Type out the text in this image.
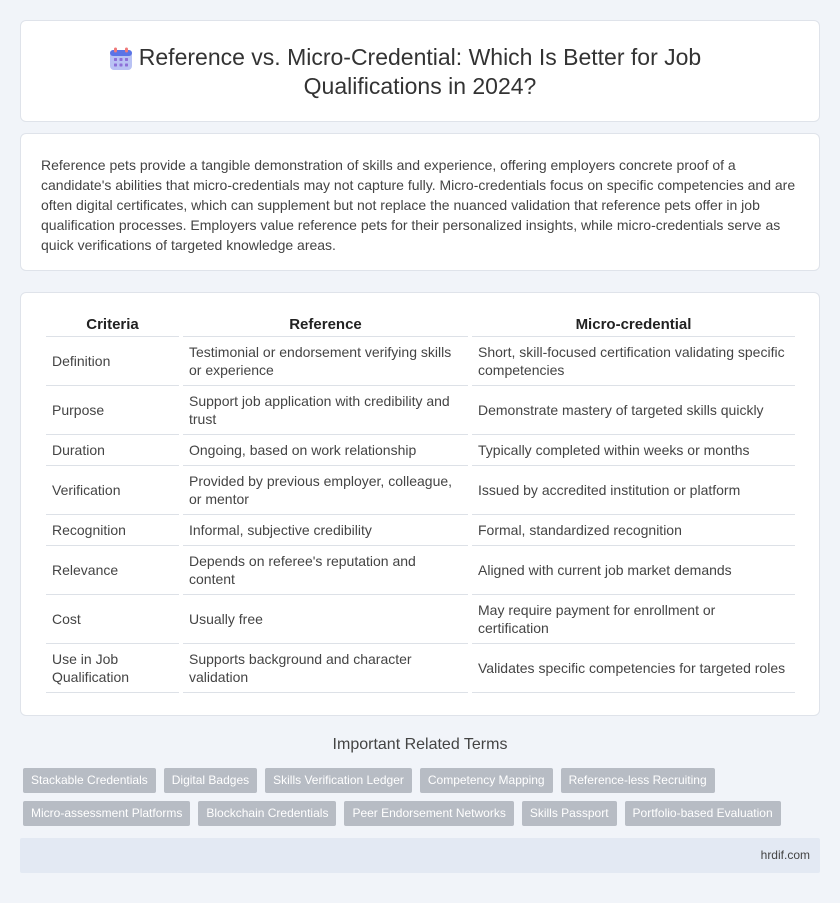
Reference vs. Micro-Credential: Which Is Better for Job Qualifications in 2024?

Reference pets provide a tangible demonstration of skills and experience, offering employers concrete proof of a candidate's abilities that micro-credentials may not capture fully. Micro-credentials focus on specific competencies and are often digital certificates, which can supplement but not replace the nuanced validation that reference pets offer in job qualification processes. Employers value reference pets for their personalized insights, while micro-credentials serve as quick verifications of targeted knowledge areas.

Criteria	Reference	Micro-credential
Definition	Testimonial or endorsement verifying skills or experience	Short, skill-focused certification validating specific competencies
Purpose	Support job application with credibility and trust	Demonstrate mastery of targeted skills quickly
Duration	Ongoing, based on work relationship	Typically completed within weeks or months
Verification	Provided by previous employer, colleague, or mentor	Issued by accredited institution or platform
Recognition	Informal, subjective credibility	Formal, standardized recognition
Relevance	Depends on referee's reputation and content	Aligned with current job market demands
Cost	Usually free	May require payment for enrollment or certification
Use in Job Qualification	Supports background and character validation	Validates specific competencies for targeted roles
Important Related Terms
Stackable Credentials	Digital Badges	Skills Verification Ledger	Competency Mapping	Reference-less Recruiting
Micro-assessment Platforms	Blockchain Credentials	Peer Endorsement Networks	Skills Passport	Portfolio-based Evaluation
hrdif.com
